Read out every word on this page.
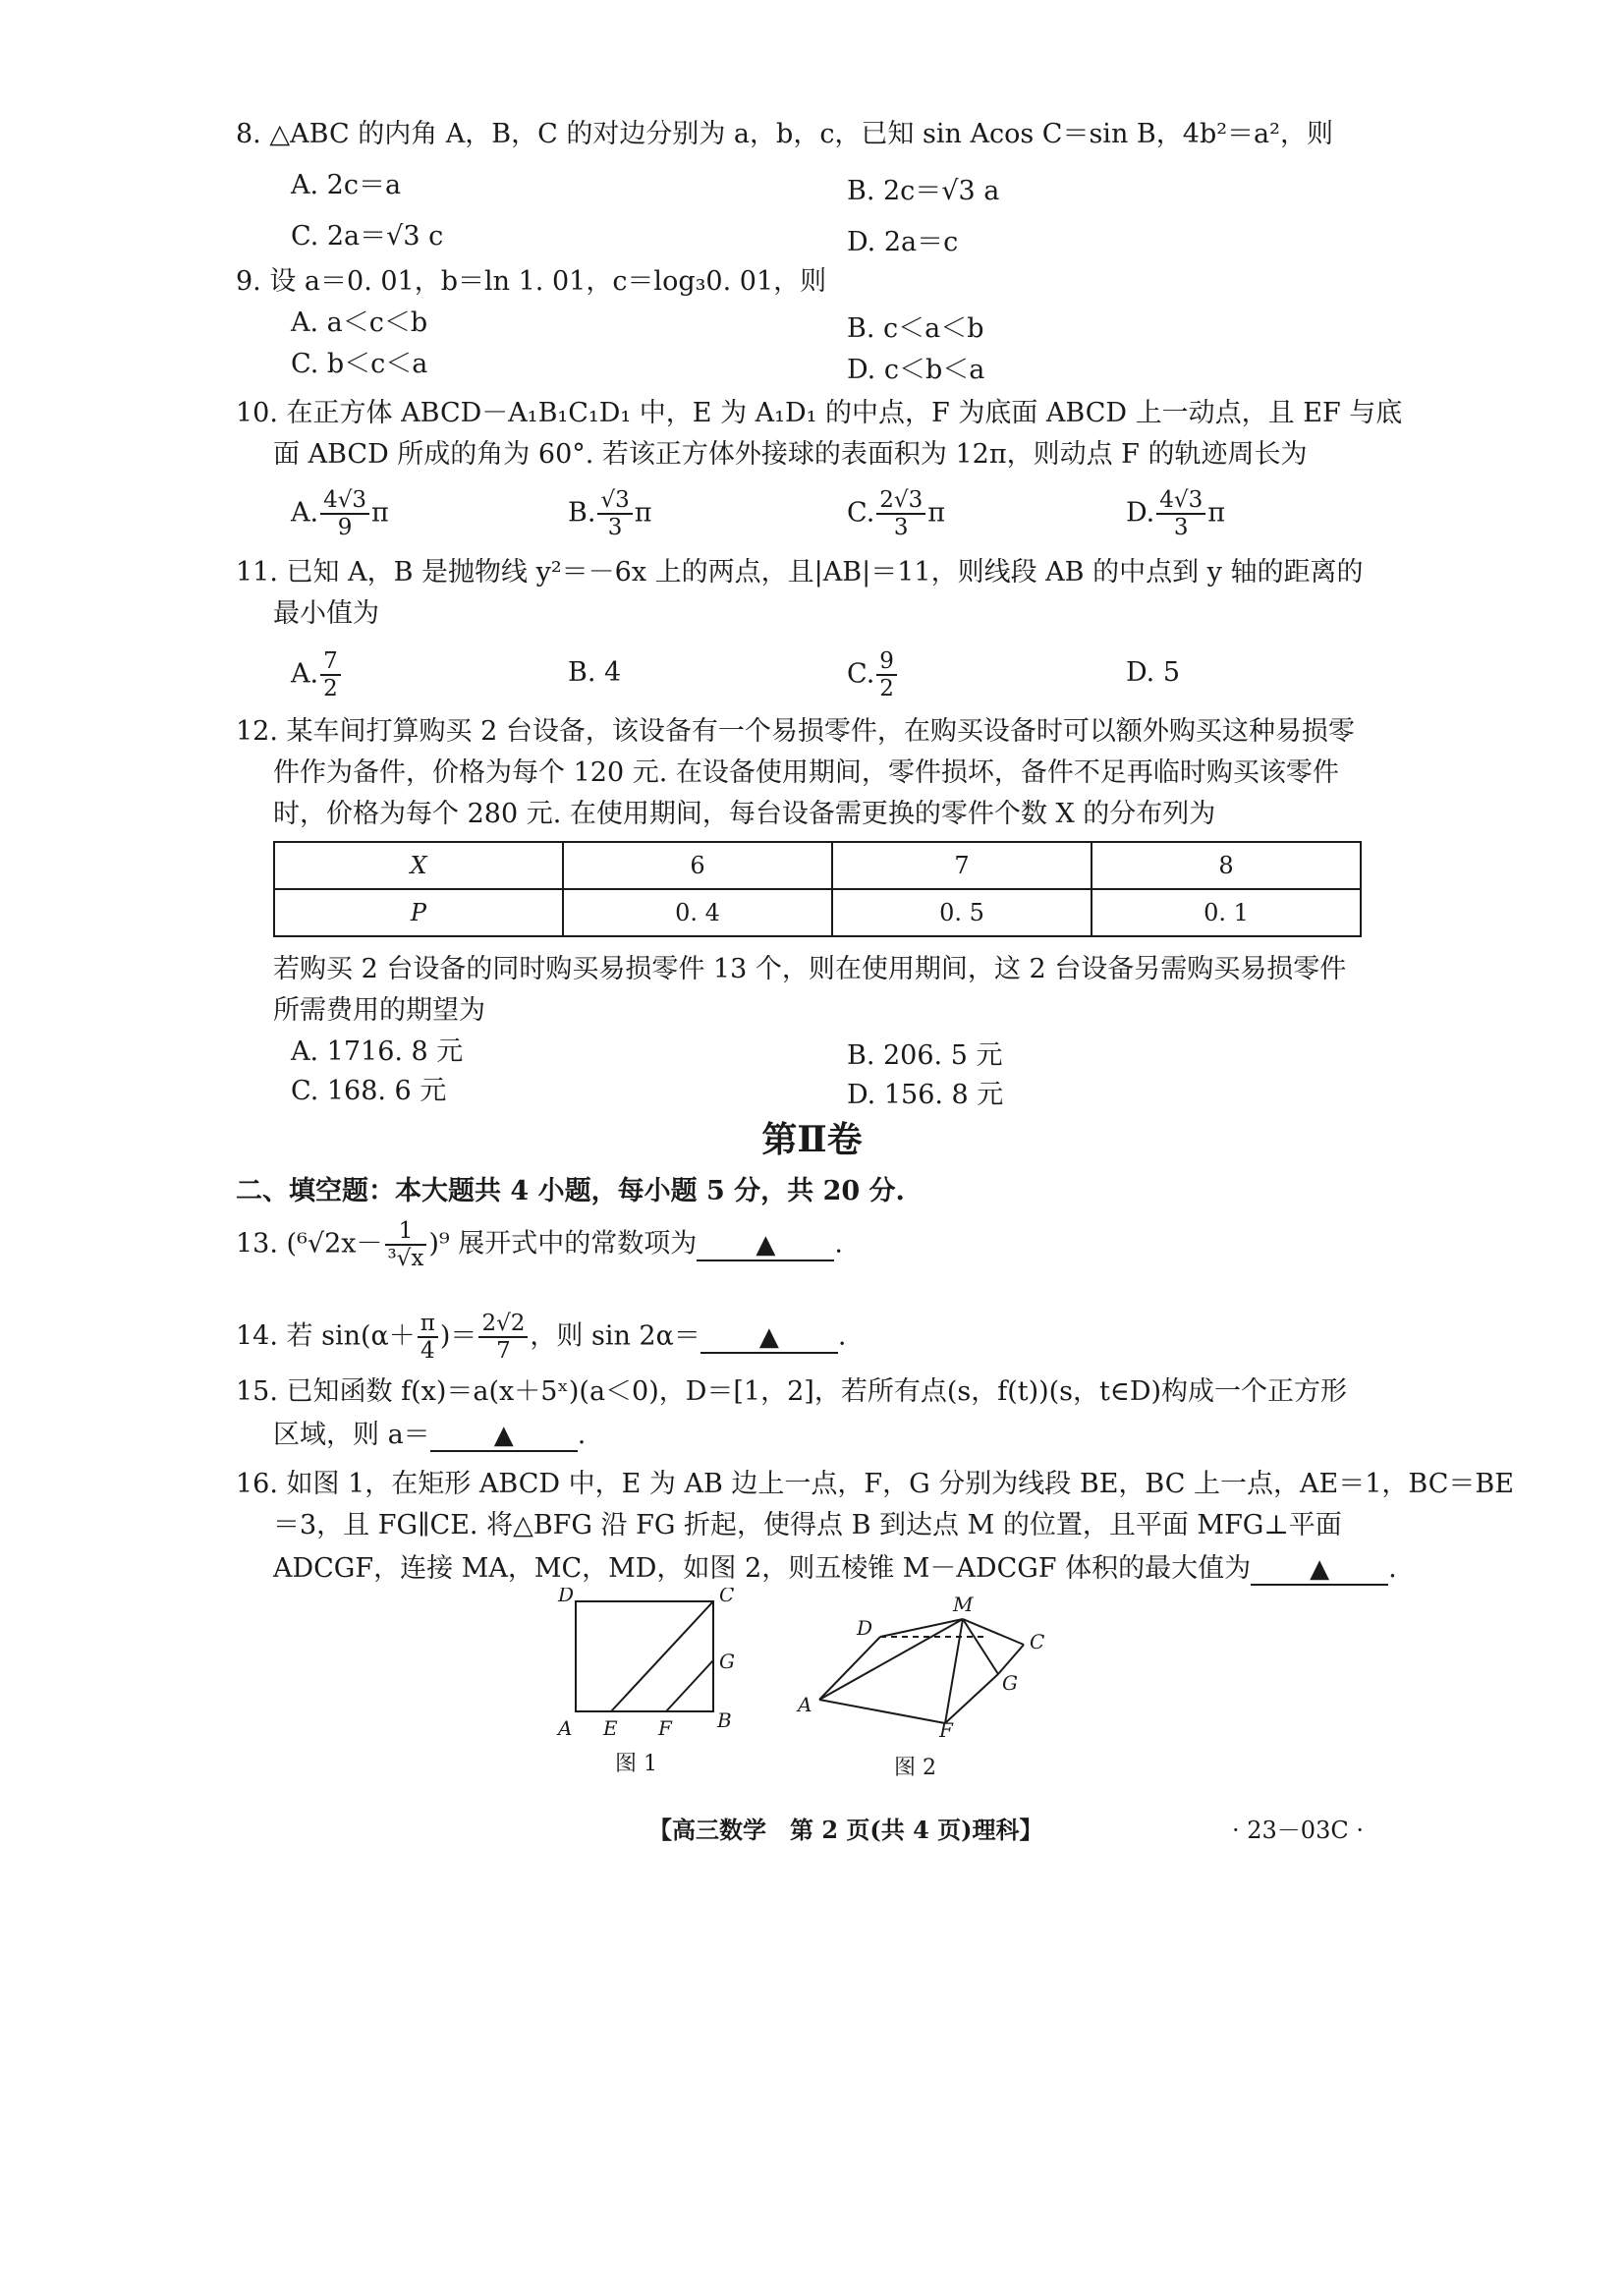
8. △ABC 的内角 A，B，C 的对边分别为 a，b，c，已知 sin Acos C＝sin B，4b²＝a²，则
A. 2c＝a	B. 2c＝√3 a
C. 2a＝√3 c	D. 2a＝c
9. 设 a＝0. 01，b＝ln 1. 01，c＝log₃0. 01，则
A. a＜c＜b	B. c＜a＜b
C. b＜c＜a	D. c＜b＜a
10. 在正方体 ABCD－A₁B₁C₁D₁ 中，E 为 A₁D₁ 的中点，F 为底面 ABCD 上一动点，且 EF 与底
面 ABCD 所成的角为 60°. 若该正方体外接球的表面积为 12π，则动点 F 的轨迹周长为
A. $\frac{4√3}{9}$ π	B. $\frac{√3}{3}$ π	C. $\frac{2√3}{3}$ π	D. $\frac{4√3}{3}$ π
11. 已知 A，B 是抛物线 y²＝－6x 上的两点，且|AB|＝11，则线段 AB 的中点到 y 轴的距离的
最小值为
A. $\frac{7}{2}$	B. 4	C. $\frac{9}{2}$	D. 5
12. 某车间打算购买 2 台设备，该设备有一个易损零件，在购买设备时可以额外购买这种易损零
件作为备件，价格为每个 120 元. 在设备使用期间，零件损坏，备件不足再临时购买该零件
时，价格为每个 280 元. 在使用期间，每台设备需更换的零件个数 X 的分布列为
X	6	7	8
P	0. 4	0. 5	0. 1
若购买 2 台设备的同时购买易损零件 13 个，则在使用期间，这 2 台设备另需购买易损零件
所需费用的期望为
A. 1716. 8 元	B. 206. 5 元
C. 168. 6 元	D. 156. 8 元
第Ⅱ卷
二、填空题：本大题共 4 小题，每小题 5 分，共 20 分.
13. $(^6√2x- \frac{1}{\text{³√x}} )^9$ 展开式中的常数项为 ▲ .
14. 若 $\sin(\alpha+ \frac{\pi}{4}$ )＝ $\frac{2√2}{7}$ ，则 sin 2α＝ ▲ .
15. 已知函数 f(x)＝a(x＋5ˣ)(a＜0)，D＝[1，2]，若所有点(s，f(t))(s，t∈D)构成一个正方形
区域，则 a＝	▲ .
16. 如图 1，在矩形 ABCD 中，E 为 AB 边上一点，F，G 分别为线段 BE，BC 上一点，AE＝1，BC＝BE
＝3，且 FG∥CE. 将△BFG 沿 FG 折起，使得点 B 到达点 M 的位置，且平面 MFG⊥平面
ADCGF，连接 MA，MC，MD，如图 2，则五棱锥 M－ADCGF 体积的最大值为 ▲ .
D	C
G
A E F B
图 1
D
M
C
G
A
F
图 2
【高三数学　第 2 页(共 4 页)理科】	· 23－03C ·
